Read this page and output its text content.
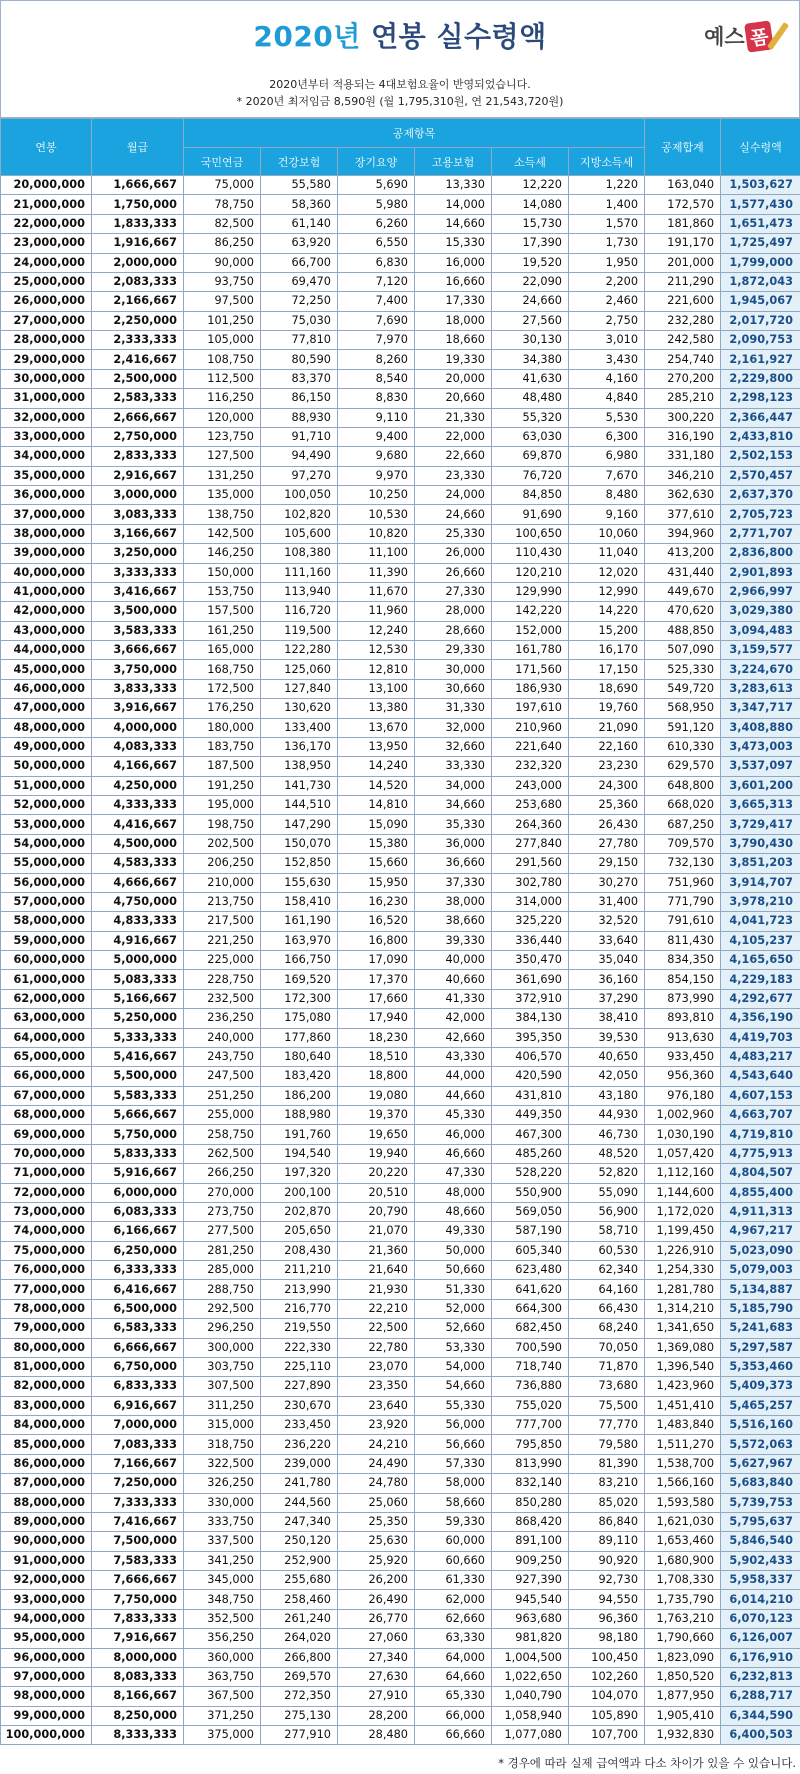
2020년 연봉 실수령액	예스 폼
2020년부터 적용되는 4대보험요율이 반영되었습니다.
* 2020년 최저임금 8,590원 (월 1,795,310원, 연 21,543,720원)
연봉	월급	공제항목						공제합계	실수령액
		국민연금	건강보험	장기요양	고용보험	소득세	지방소득세		
20,000,000	1,666,667	75,000	55,580	5,690	13,330	12,220	1,220	163,040	1,503,627
21,000,000	1,750,000	78,750	58,360	5,980	14,000	14,080	1,400	172,570	1,577,430
22,000,000	1,833,333	82,500	61,140	6,260	14,660	15,730	1,570	181,860	1,651,473
23,000,000	1,916,667	86,250	63,920	6,550	15,330	17,390	1,730	191,170	1,725,497
24,000,000	2,000,000	90,000	66,700	6,830	16,000	19,520	1,950	201,000	1,799,000
25,000,000	2,083,333	93,750	69,470	7,120	16,660	22,090	2,200	211,290	1,872,043
26,000,000	2,166,667	97,500	72,250	7,400	17,330	24,660	2,460	221,600	1,945,067
27,000,000	2,250,000	101,250	75,030	7,690	18,000	27,560	2,750	232,280	2,017,720
28,000,000	2,333,333	105,000	77,810	7,970	18,660	30,130	3,010	242,580	2,090,753
29,000,000	2,416,667	108,750	80,590	8,260	19,330	34,380	3,430	254,740	2,161,927
30,000,000	2,500,000	112,500	83,370	8,540	20,000	41,630	4,160	270,200	2,229,800
31,000,000	2,583,333	116,250	86,150	8,830	20,660	48,480	4,840	285,210	2,298,123
32,000,000	2,666,667	120,000	88,930	9,110	21,330	55,320	5,530	300,220	2,366,447
33,000,000	2,750,000	123,750	91,710	9,400	22,000	63,030	6,300	316,190	2,433,810
34,000,000	2,833,333	127,500	94,490	9,680	22,660	69,870	6,980	331,180	2,502,153
35,000,000	2,916,667	131,250	97,270	9,970	23,330	76,720	7,670	346,210	2,570,457
36,000,000	3,000,000	135,000	100,050	10,250	24,000	84,850	8,480	362,630	2,637,370
37,000,000	3,083,333	138,750	102,820	10,530	24,660	91,690	9,160	377,610	2,705,723
38,000,000	3,166,667	142,500	105,600	10,820	25,330	100,650	10,060	394,960	2,771,707
39,000,000	3,250,000	146,250	108,380	11,100	26,000	110,430	11,040	413,200	2,836,800
40,000,000	3,333,333	150,000	111,160	11,390	26,660	120,210	12,020	431,440	2,901,893
41,000,000	3,416,667	153,750	113,940	11,670	27,330	129,990	12,990	449,670	2,966,997
42,000,000	3,500,000	157,500	116,720	11,960	28,000	142,220	14,220	470,620	3,029,380
43,000,000	3,583,333	161,250	119,500	12,240	28,660	152,000	15,200	488,850	3,094,483
44,000,000	3,666,667	165,000	122,280	12,530	29,330	161,780	16,170	507,090	3,159,577
45,000,000	3,750,000	168,750	125,060	12,810	30,000	171,560	17,150	525,330	3,224,670
46,000,000	3,833,333	172,500	127,840	13,100	30,660	186,930	18,690	549,720	3,283,613
47,000,000	3,916,667	176,250	130,620	13,380	31,330	197,610	19,760	568,950	3,347,717
48,000,000	4,000,000	180,000	133,400	13,670	32,000	210,960	21,090	591,120	3,408,880
49,000,000	4,083,333	183,750	136,170	13,950	32,660	221,640	22,160	610,330	3,473,003
50,000,000	4,166,667	187,500	138,950	14,240	33,330	232,320	23,230	629,570	3,537,097
51,000,000	4,250,000	191,250	141,730	14,520	34,000	243,000	24,300	648,800	3,601,200
52,000,000	4,333,333	195,000	144,510	14,810	34,660	253,680	25,360	668,020	3,665,313
53,000,000	4,416,667	198,750	147,290	15,090	35,330	264,360	26,430	687,250	3,729,417
54,000,000	4,500,000	202,500	150,070	15,380	36,000	277,840	27,780	709,570	3,790,430
55,000,000	4,583,333	206,250	152,850	15,660	36,660	291,560	29,150	732,130	3,851,203
56,000,000	4,666,667	210,000	155,630	15,950	37,330	302,780	30,270	751,960	3,914,707
57,000,000	4,750,000	213,750	158,410	16,230	38,000	314,000	31,400	771,790	3,978,210
58,000,000	4,833,333	217,500	161,190	16,520	38,660	325,220	32,520	791,610	4,041,723
59,000,000	4,916,667	221,250	163,970	16,800	39,330	336,440	33,640	811,430	4,105,237
60,000,000	5,000,000	225,000	166,750	17,090	40,000	350,470	35,040	834,350	4,165,650
61,000,000	5,083,333	228,750	169,520	17,370	40,660	361,690	36,160	854,150	4,229,183
62,000,000	5,166,667	232,500	172,300	17,660	41,330	372,910	37,290	873,990	4,292,677
63,000,000	5,250,000	236,250	175,080	17,940	42,000	384,130	38,410	893,810	4,356,190
64,000,000	5,333,333	240,000	177,860	18,230	42,660	395,350	39,530	913,630	4,419,703
65,000,000	5,416,667	243,750	180,640	18,510	43,330	406,570	40,650	933,450	4,483,217
66,000,000	5,500,000	247,500	183,420	18,800	44,000	420,590	42,050	956,360	4,543,640
67,000,000	5,583,333	251,250	186,200	19,080	44,660	431,810	43,180	976,180	4,607,153
68,000,000	5,666,667	255,000	188,980	19,370	45,330	449,350	44,930	1,002,960	4,663,707
69,000,000	5,750,000	258,750	191,760	19,650	46,000	467,300	46,730	1,030,190	4,719,810
70,000,000	5,833,333	262,500	194,540	19,940	46,660	485,260	48,520	1,057,420	4,775,913
71,000,000	5,916,667	266,250	197,320	20,220	47,330	528,220	52,820	1,112,160	4,804,507
72,000,000	6,000,000	270,000	200,100	20,510	48,000	550,900	55,090	1,144,600	4,855,400
73,000,000	6,083,333	273,750	202,870	20,790	48,660	569,050	56,900	1,172,020	4,911,313
74,000,000	6,166,667	277,500	205,650	21,070	49,330	587,190	58,710	1,199,450	4,967,217
75,000,000	6,250,000	281,250	208,430	21,360	50,000	605,340	60,530	1,226,910	5,023,090
76,000,000	6,333,333	285,000	211,210	21,640	50,660	623,480	62,340	1,254,330	5,079,003
77,000,000	6,416,667	288,750	213,990	21,930	51,330	641,620	64,160	1,281,780	5,134,887
78,000,000	6,500,000	292,500	216,770	22,210	52,000	664,300	66,430	1,314,210	5,185,790
79,000,000	6,583,333	296,250	219,550	22,500	52,660	682,450	68,240	1,341,650	5,241,683
80,000,000	6,666,667	300,000	222,330	22,780	53,330	700,590	70,050	1,369,080	5,297,587
81,000,000	6,750,000	303,750	225,110	23,070	54,000	718,740	71,870	1,396,540	5,353,460
82,000,000	6,833,333	307,500	227,890	23,350	54,660	736,880	73,680	1,423,960	5,409,373
83,000,000	6,916,667	311,250	230,670	23,640	55,330	755,020	75,500	1,451,410	5,465,257
84,000,000	7,000,000	315,000	233,450	23,920	56,000	777,700	77,770	1,483,840	5,516,160
85,000,000	7,083,333	318,750	236,220	24,210	56,660	795,850	79,580	1,511,270	5,572,063
86,000,000	7,166,667	322,500	239,000	24,490	57,330	813,990	81,390	1,538,700	5,627,967
87,000,000	7,250,000	326,250	241,780	24,780	58,000	832,140	83,210	1,566,160	5,683,840
88,000,000	7,333,333	330,000	244,560	25,060	58,660	850,280	85,020	1,593,580	5,739,753
89,000,000	7,416,667	333,750	247,340	25,350	59,330	868,420	86,840	1,621,030	5,795,637
90,000,000	7,500,000	337,500	250,120	25,630	60,000	891,100	89,110	1,653,460	5,846,540
91,000,000	7,583,333	341,250	252,900	25,920	60,660	909,250	90,920	1,680,900	5,902,433
92,000,000	7,666,667	345,000	255,680	26,200	61,330	927,390	92,730	1,708,330	5,958,337
93,000,000	7,750,000	348,750	258,460	26,490	62,000	945,540	94,550	1,735,790	6,014,210
94,000,000	7,833,333	352,500	261,240	26,770	62,660	963,680	96,360	1,763,210	6,070,123
95,000,000	7,916,667	356,250	264,020	27,060	63,330	981,820	98,180	1,790,660	6,126,007
96,000,000	8,000,000	360,000	266,800	27,340	64,000	1,004,500	100,450	1,823,090	6,176,910
97,000,000	8,083,333	363,750	269,570	27,630	64,660	1,022,650	102,260	1,850,520	6,232,813
98,000,000	8,166,667	367,500	272,350	27,910	65,330	1,040,790	104,070	1,877,950	6,288,717
99,000,000	8,250,000	371,250	275,130	28,200	66,000	1,058,940	105,890	1,905,410	6,344,590
100,000,000	8,333,333	375,000	277,910	28,480	66,660	1,077,080	107,700	1,932,830	6,400,503
* 경우에 따라 실제 급여액과 다소 차이가 있을 수 있습니다.
